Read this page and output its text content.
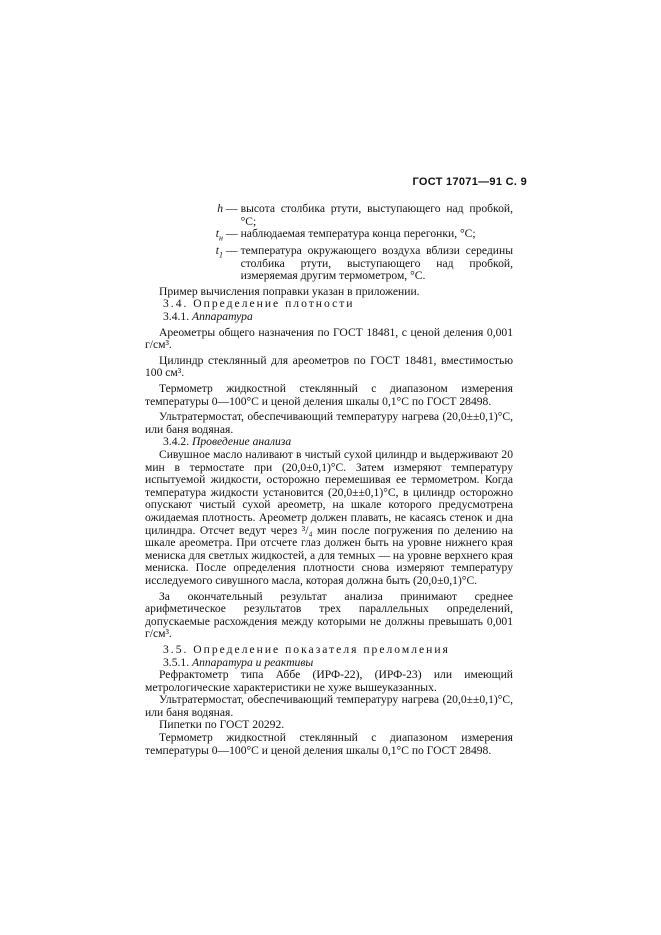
ГОСТ 17071—91 С. 9

h — высота столбика ртути, выступающего над пробкой, °С;

$t_н$ — наблюдаемая температура конца перегонки, °С;

$t_1$ — температура окружающего воздуха вблизи середины столбика ртути, выступающего над пробкой, измеряемая другим термометром, °С.

Пример вычисления поправки указан в приложении.

3.4. Определение плотности

3.4.1. Аппаратура

Ареометры общего назначения по ГОСТ 18481, с ценой деления 0,001 г/см³.

Цилиндр стеклянный для ареометров по ГОСТ 18481, вместимостью 100 см³.

Термометр жидкостной стеклянный с диапазоном измерения температуры 0—100°С и ценой деления шкалы 0,1°С по ГОСТ 28498.

Ультратермостат, обеспечивающий температуру нагрева (20,0±±0,1)°С, или баня водяная.

3.4.2. Проведение анализа

Сивушное масло наливают в чистый сухой цилиндр и выдерживают 20 мин в термостате при (20,0±0,1)°С. Затем измеряют температуру испытуемой жидкости, осторожно перемешивая ее термометром. Когда температура жидкости установится (20,0±±0,1)°С, в цилиндр осторожно опускают чистый сухой ареометр, на шкале которого предусмотрена ожидаемая плотность. Ареометр должен плавать, не касаясь стенок и дна цилиндра. Отсчет ведут через ³/₄ мин после погружения по делению на шкале ареометра. При отсчете глаз должен быть на уровне нижнего края мениска для светлых жидкостей, а для темных — на уровне верхнего края мениска. После определения плотности снова измеряют температуру исследуемого сивушного масла, которая должна быть (20,0±0,1)°С.

За окончательный результат анализа принимают среднее арифметическое результатов трех параллельных определений, допускаемые расхождения между которыми не должны превышать 0,001 г/см³.

3.5. Определение показателя преломления

3.5.1. Аппаратура и реактивы

Рефрактометр типа Аббе (ИРФ-22), (ИРФ-23) или имеющий метрологические характеристики не хуже вышеуказанных.

Ультратермостат, обеспечивающий температуру нагрева (20,0±±0,1)°С, или баня водяная.

Пипетки по ГОСТ 20292.

Термометр жидкостной стеклянный с диапазоном измерения температуры 0—100°С и ценой деления шкалы 0,1°С по ГОСТ 28498.
